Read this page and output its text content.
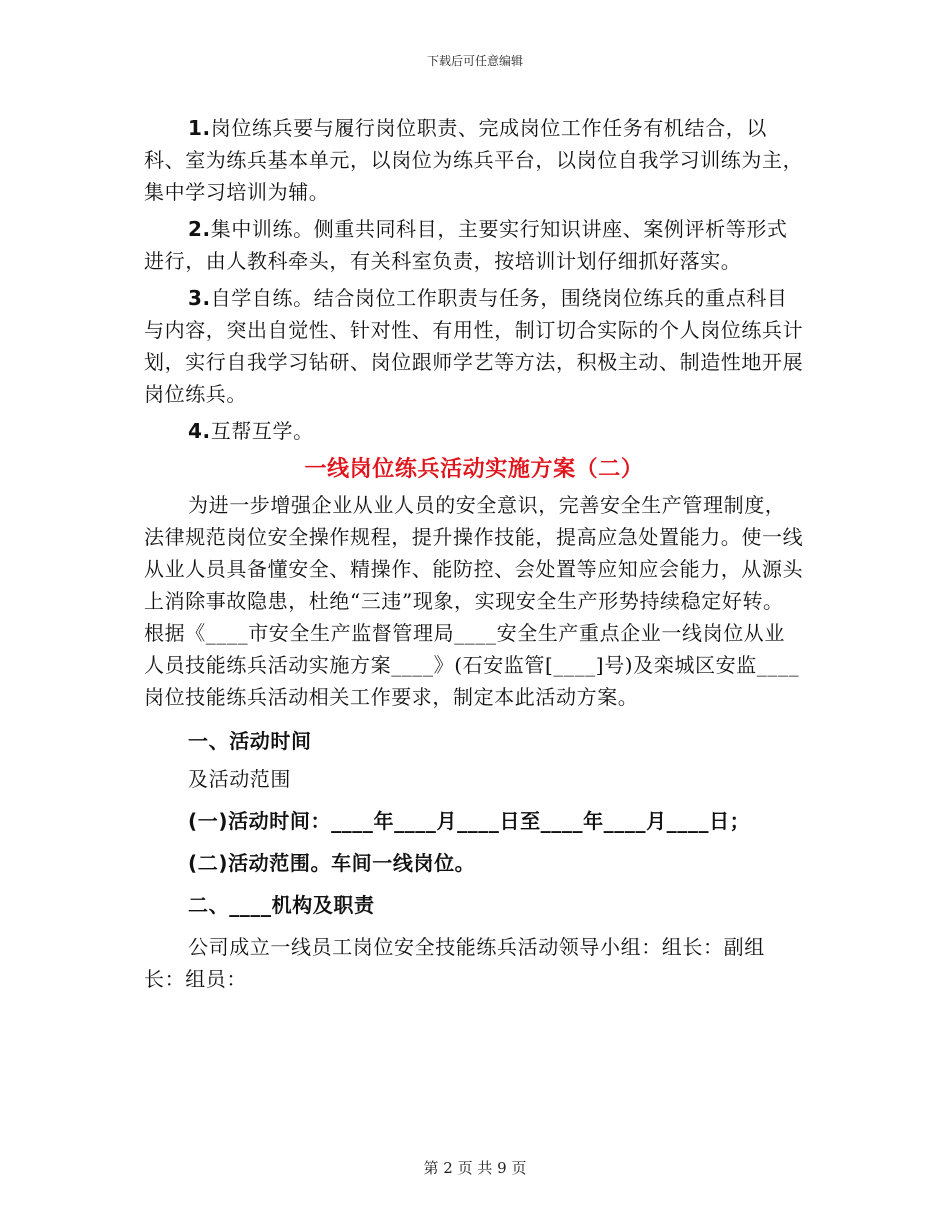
下载后可任意编辑

1.岗位练兵要与履行岗位职责、完成岗位工作任务有机结合，以科、室为练兵基本单元，以岗位为练兵平台，以岗位自我学习训练为主，集中学习培训为辅。

2.集中训练。侧重共同科目，主要实行知识讲座、案例评析等形式进行，由人教科牵头，有关科室负责，按培训计划仔细抓好落实。

3.自学自练。结合岗位工作职责与任务，围绕岗位练兵的重点科目与内容，突出自觉性、针对性、有用性，制订切合实际的个人岗位练兵计划，实行自我学习钻研、岗位跟师学艺等方法，积极主动、制造性地开展岗位练兵。

4.互帮互学。

一线岗位练兵活动实施方案（二）

为进一步增强企业从业人员的安全意识，完善安全生产管理制度，法律规范岗位安全操作规程，提升操作技能，提高应急处置能力。使一线从业人员具备懂安全、精操作、能防控、会处置等应知应会能力，从源头上消除事故隐患，杜绝“三违”现象，实现安全生产形势持续稳定好转。根据《____市安全生产监督管理局____安全生产重点企业一线岗位从业人员技能练兵活动实施方案____》(石安监管[____]号)及栾城区安监____岗位技能练兵活动相关工作要求，制定本此活动方案。

一、活动时间

及活动范围

(一)活动时间：____年____月____日至____年____月____日；

(二)活动范围。车间一线岗位。

二、____机构及职责

公司成立一线员工岗位安全技能练兵活动领导小组：组长：副组长：组员：

第 2 页 共 9 页
